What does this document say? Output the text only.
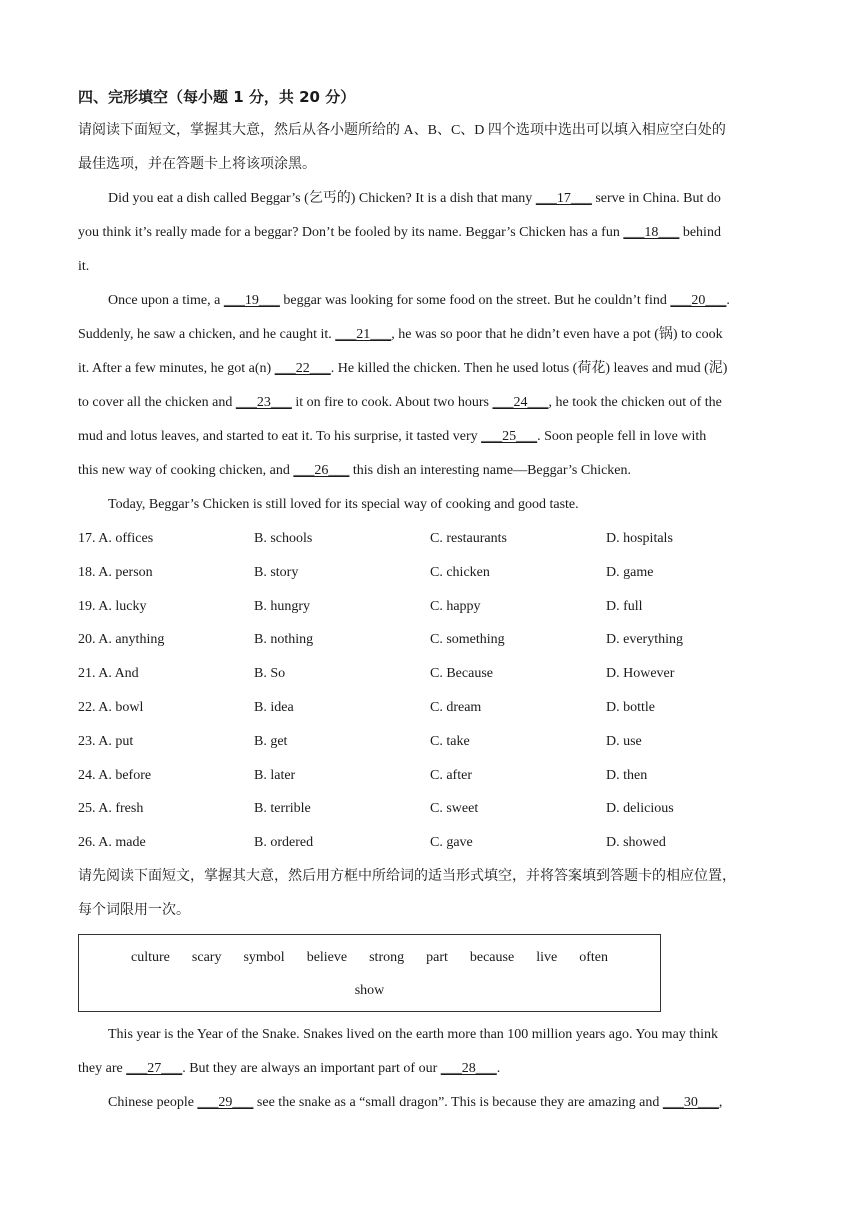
四、完形填空（每小题 1 分，共 20 分）
请阅读下面短文，掌握其大意，然后从各小题所给的 A、B、C、D 四个选项中选出可以填入相应空白处的
最佳选项，并在答题卡上将该项涂黑。
Did you eat a dish called Beggar’s (乞丐的) Chicken? It is a dish that many ___17___ serve in China. But do
you think it’s really made for a beggar? Don’t be fooled by its name. Beggar’s Chicken has a fun ___18___ behind
it.
Once upon a time, a ___19___ beggar was looking for some food on the street. But he couldn’t find ___20___.
Suddenly, he saw a chicken, and he caught it. ___21___, he was so poor that he didn’t even have a pot (锅) to cook
it. After a few minutes, he got a(n) ___22___. He killed the chicken. Then he used lotus (荷花) leaves and mud (泥)
to cover all the chicken and ___23___ it on fire to cook. About two hours ___24___, he took the chicken out of the
mud and lotus leaves, and started to eat it. To his surprise, it tasted very ___25___. Soon people fell in love with
this new way of cooking chicken, and ___26___ this dish an interesting name—Beggar’s Chicken.
Today, Beggar’s Chicken is still loved for its special way of cooking and good taste.
17. A. offices	B. schools	C. restaurants	D. hospitals
18. A. person	B. story	C. chicken	D. game
19. A. lucky	B. hungry	C. happy	D. full
20. A. anything	B. nothing	C. something	D. everything
21. A. And	B. So	C. Because	D. However
22. A. bowl	B. idea	C. dream	D. bottle
23. A. put	B. get	C. take	D. use
24. A. before	B. later	C. after	D. then
25. A. fresh	B. terrible	C. sweet	D. delicious
26. A. made	B. ordered	C. gave	D. showed
请先阅读下面短文，掌握其大意，然后用方框中所给词的适当形式填空，并将答案填到答题卡的相应位置，
每个词限用一次。
culture scary symbol believe strong part because live often
show
This year is the Year of the Snake. Snakes lived on the earth more than 100 million years ago. You may think
they are ___27___. But they are always an important part of our ___28___.
Chinese people ___29___ see the snake as a “small dragon”. This is because they are amazing and ___30___,
